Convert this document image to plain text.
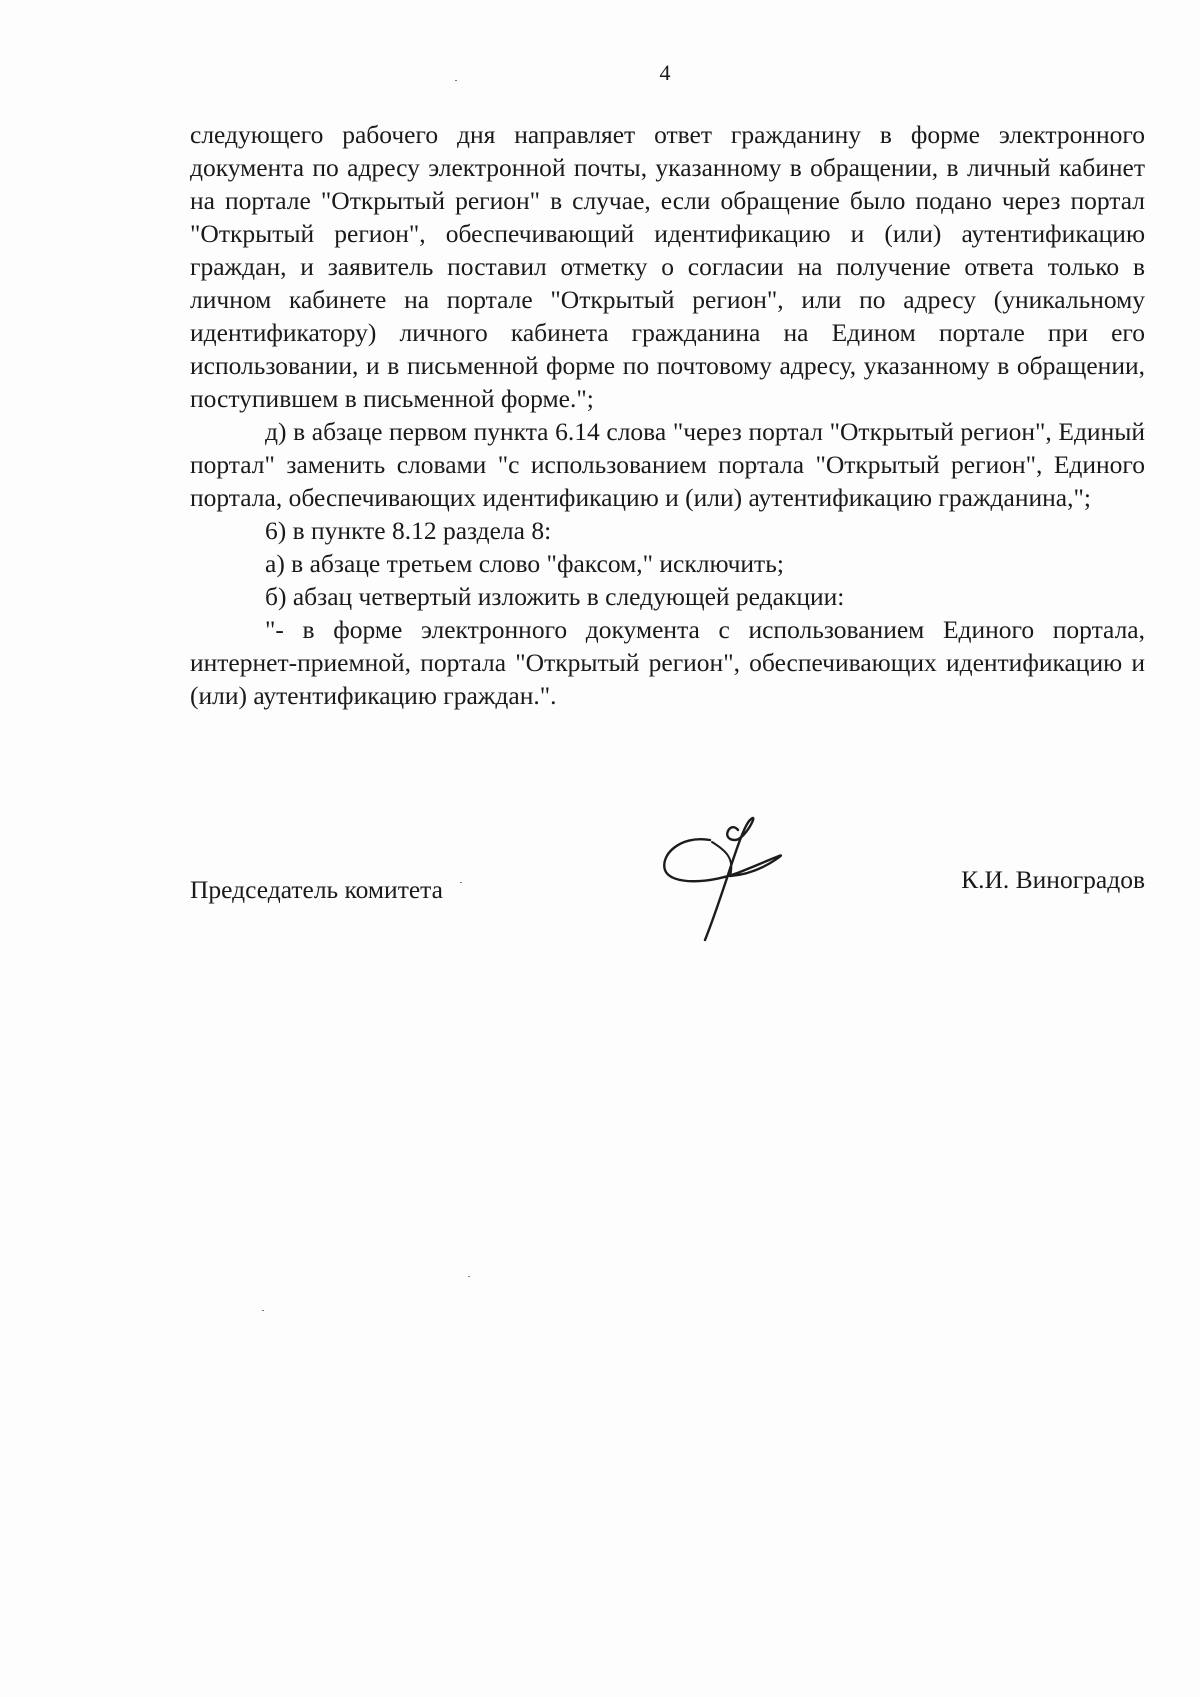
4

следующего рабочего дня направляет ответ гражданину в форме электронного документа по адресу электронной почты, указанному в обращении, в личный кабинет на портале "Открытый регион" в случае, если обращение было подано через портал "Открытый регион", обеспечивающий идентификацию и (или) аутентификацию граждан, и заявитель поставил отметку о согласии на получение ответа только в личном кабинете на портале "Открытый регион", или по адресу (уникальному идентификатору) личного кабинета гражданина на Едином портале при его использовании, и в письменной форме по почтовому адресу, указанному в обращении, поступившем в письменной форме.";

д) в абзаце первом пункта 6.14 слова "через портал "Открытый регион", Единый портал" заменить словами "с использованием портала "Открытый регион", Единого портала, обеспечивающих идентификацию и (или) аутентификацию гражданина,";

6) в пункте 8.12 раздела 8:

а) в абзаце третьем слово "факсом," исключить;

б) абзац четвертый изложить в следующей редакции:

"- в форме электронного документа с использованием Единого портала, интернет-приемной, портала "Открытый регион", обеспечивающих идентификацию и (или) аутентификацию граждан.".

Председатель комитета	К.И. Виноградов
